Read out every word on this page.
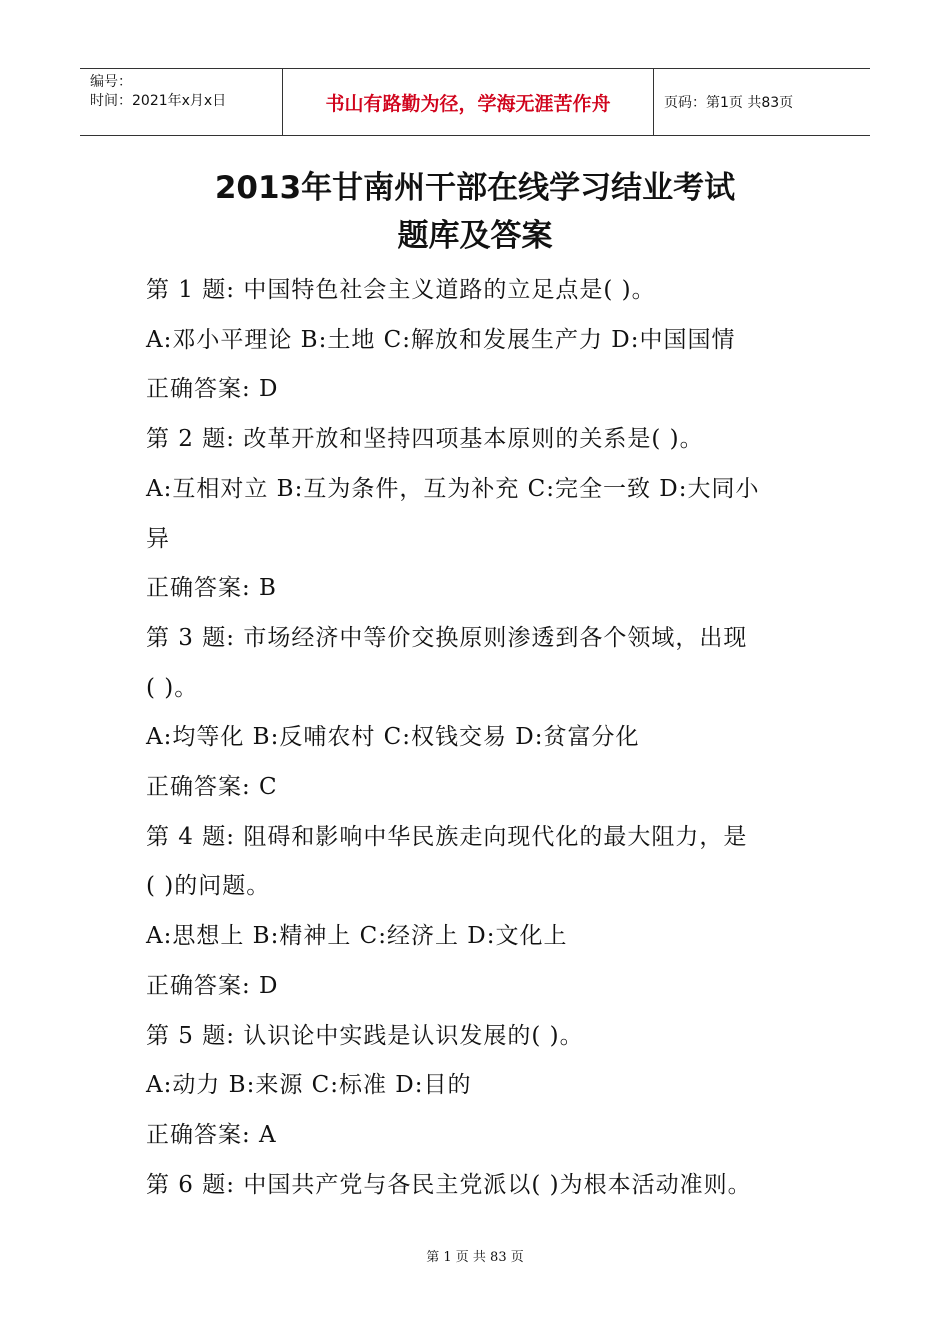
编号：
时间：2021年x月x日	书山有路勤为径，学海无涯苦作舟	页码：第1页 共83页
2013年甘南州干部在线学习结业考试
题库及答案

第 1 题: 中国特色社会主义道路的立足点是( )。

A:邓小平理论 B:土地 C:解放和发展生产力 D:中国国情

正确答案: D

第 2 题: 改革开放和坚持四项基本原则的关系是( )。

A:互相对立 B:互为条件，互为补充 C:完全一致 D:大同小

异

正确答案: B

第 3 题: 市场经济中等价交换原则渗透到各个领域，出现

( )。

A:均等化 B:反哺农村 C:权钱交易 D:贫富分化

正确答案: C

第 4 题: 阻碍和影响中华民族走向现代化的最大阻力，是

( )的问题。

A:思想上 B:精神上 C:经济上 D:文化上

正确答案: D

第 5 题: 认识论中实践是认识发展的( )。

A:动力 B:来源 C:标准 D:目的

正确答案: A

第 6 题: 中国共产党与各民主党派以( )为根本活动准则。

第 1 页 共 83 页
